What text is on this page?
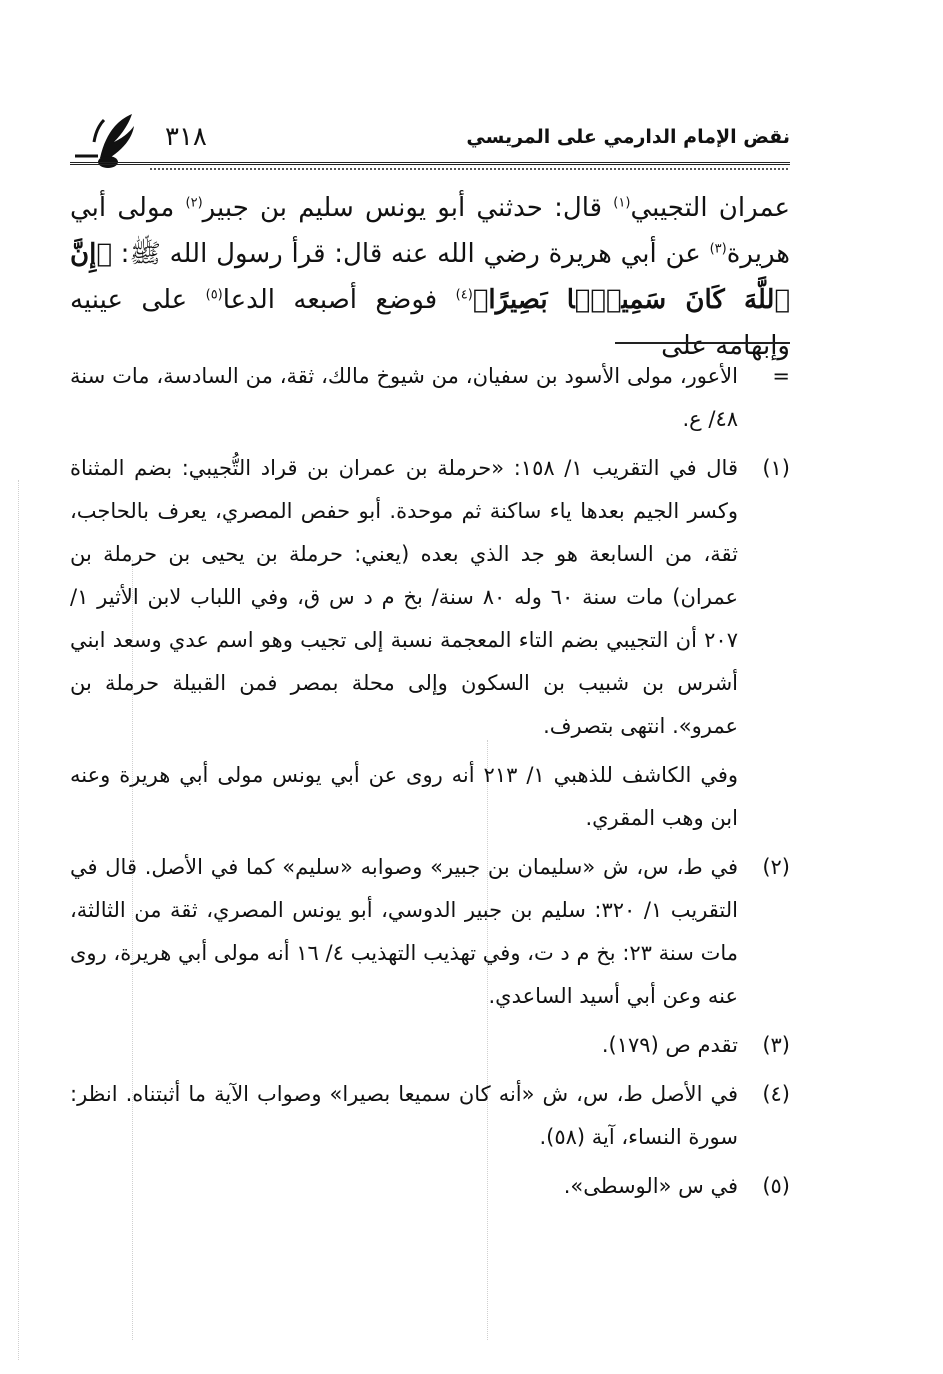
٣١٨	نقض الإمام الدارمي على المريسي
عمران التجيبي$^{(١)}$ قال: حدثني أبو يونس سليم بن جبير$^{(٢)}$ مولى أبي هريرة$^{(٣)}$ عن أبي هريرة رضي الله عنه قال: قرأ رسول الله ﷺ: ﴿إِنَّ ٱللَّهَ كَانَ سَمِيعًۢا بَصِيرًا﴾$^{(٤)}$ فوضع أصبعه الدعا$^{(٥)}$ على عينيه وإبهامه على
=
الأعور، مولى الأسود بن سفيان، من شيوخ مالك، ثقة، من السادسة، مات سنة ٤٨/ ع.
(١)
قال في التقريب ١/ ١٥٨: «حرملة بن عمران بن قراد التُّجيبي: بضم المثناة وكسر الجيم بعدها ياء ساكنة ثم موحدة. أبو حفص المصري، يعرف بالحاجب، ثقة، من السابعة هو جد الذي بعده (يعني: حرملة بن يحيى بن حرملة بن عمران) مات سنة ٦٠ وله ٨٠ سنة/ بخ م د س ق، وفي اللباب لابن الأثير ١/ ٢٠٧ أن التجيبي بضم التاء المعجمة نسبة إلى تجيب وهو اسم عدي وسعد ابني أشرس بن شبيب بن السكون وإلى محلة بمصر فمن القبيلة حرملة بن عمرو». انتهى بتصرف.
وفي الكاشف للذهبي ١/ ٢١٣ أنه روى عن أبي يونس مولى أبي هريرة وعنه ابن وهب المقري.
(٢)
في ط، س، ش «سليمان بن جبير» وصوابه «سليم» كما في الأصل. قال في التقريب ١/ ٣٢٠: سليم بن جبير الدوسي، أبو يونس المصري، ثقة من الثالثة، مات سنة ٢٣: بخ م د ت، وفي تهذيب التهذيب ٤/ ١٦ أنه مولى أبي هريرة، روى عنه وعن أبي أسيد الساعدي.
(٣)
تقدم ص (١٧٩).
(٤)
في الأصل ط، س، ش «أنه كان سميعا بصيرا» وصواب الآية ما أثبتناه. انظر: سورة النساء، آية (٥٨).
(٥)
في س «الوسطى».
